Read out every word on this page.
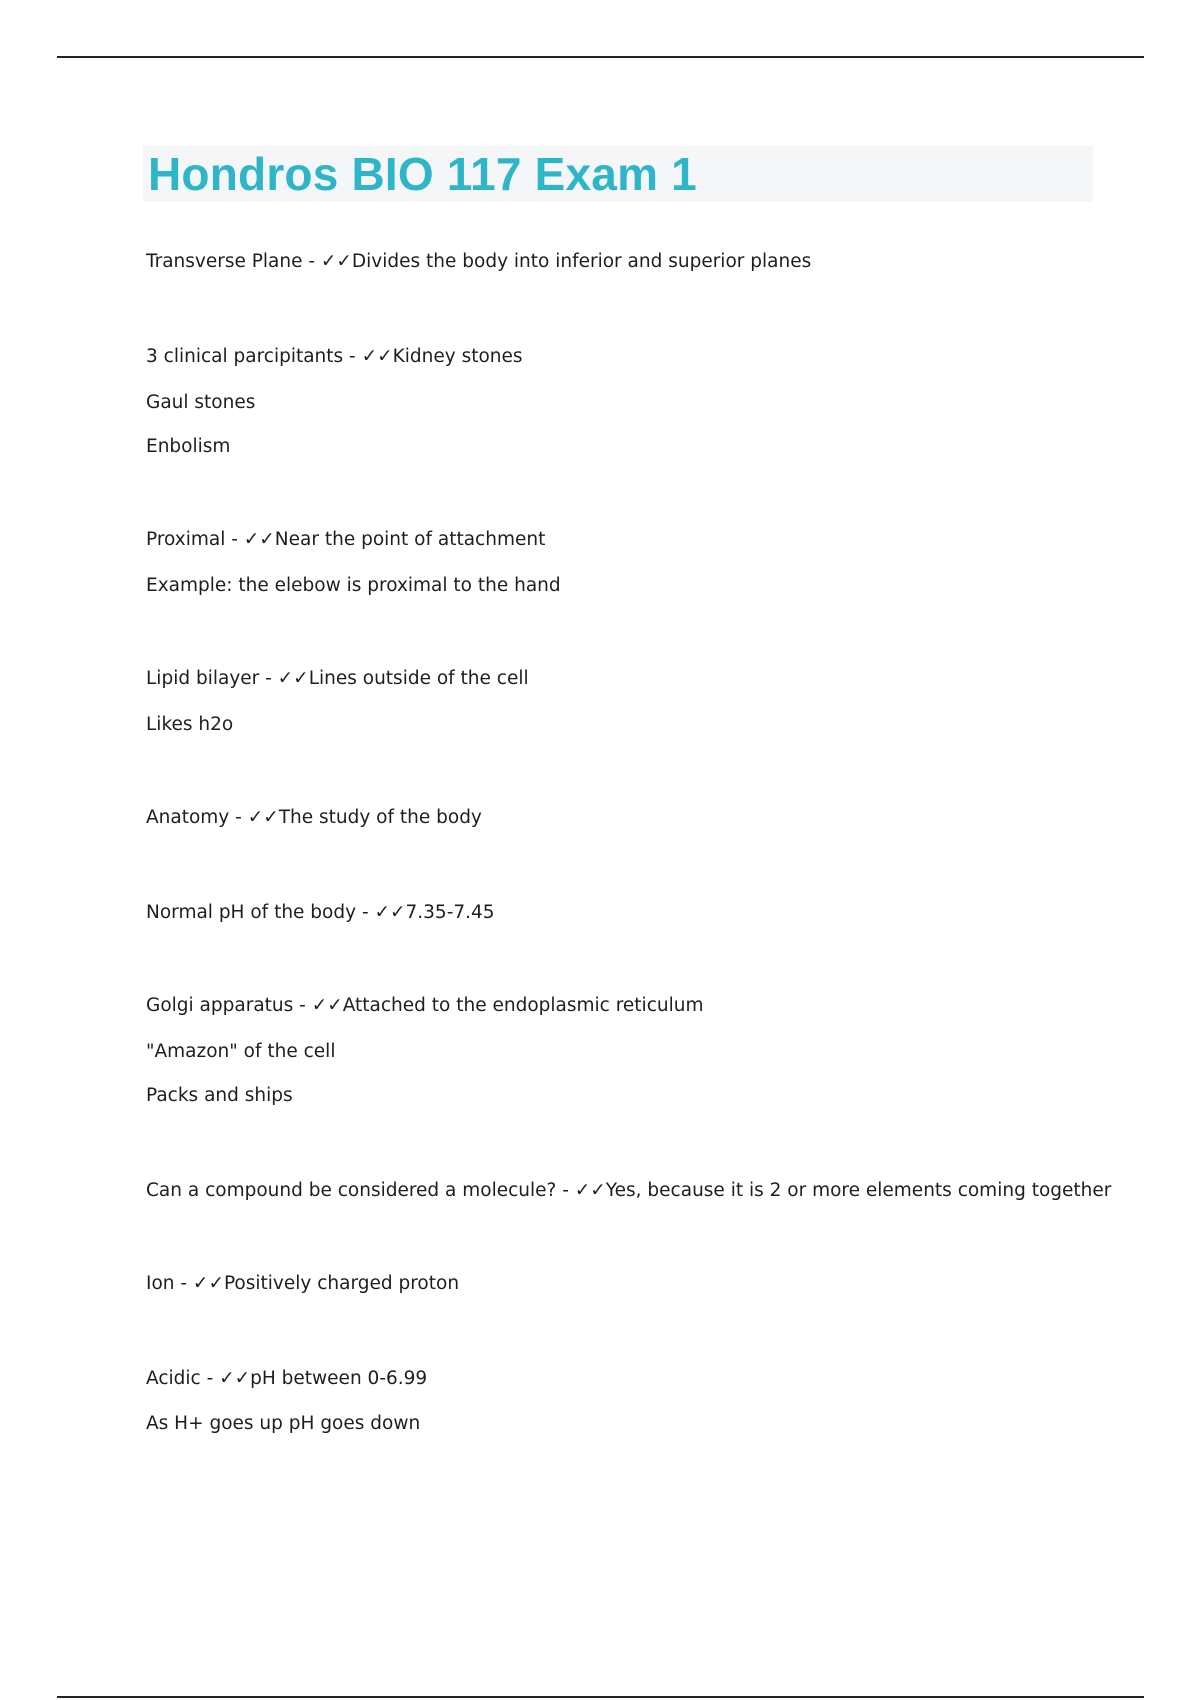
Hondros BIO 117 Exam 1

Transverse Plane - ✓✓Divides the body into inferior and superior planes

3 clinical parcipitants - ✓✓Kidney stones

Gaul stones

Enbolism

Proximal - ✓✓Near the point of attachment

Example: the elebow is proximal to the hand

Lipid bilayer - ✓✓Lines outside of the cell

Likes h2o

Anatomy - ✓✓The study of the body

Normal pH of the body - ✓✓7.35-7.45

Golgi apparatus - ✓✓Attached to the endoplasmic reticulum

"Amazon" of the cell

Packs and ships

Can a compound be considered a molecule? - ✓✓Yes, because it is 2 or more elements coming together

Ion - ✓✓Positively charged proton

Acidic - ✓✓pH between 0-6.99

As H+ goes up pH goes down
